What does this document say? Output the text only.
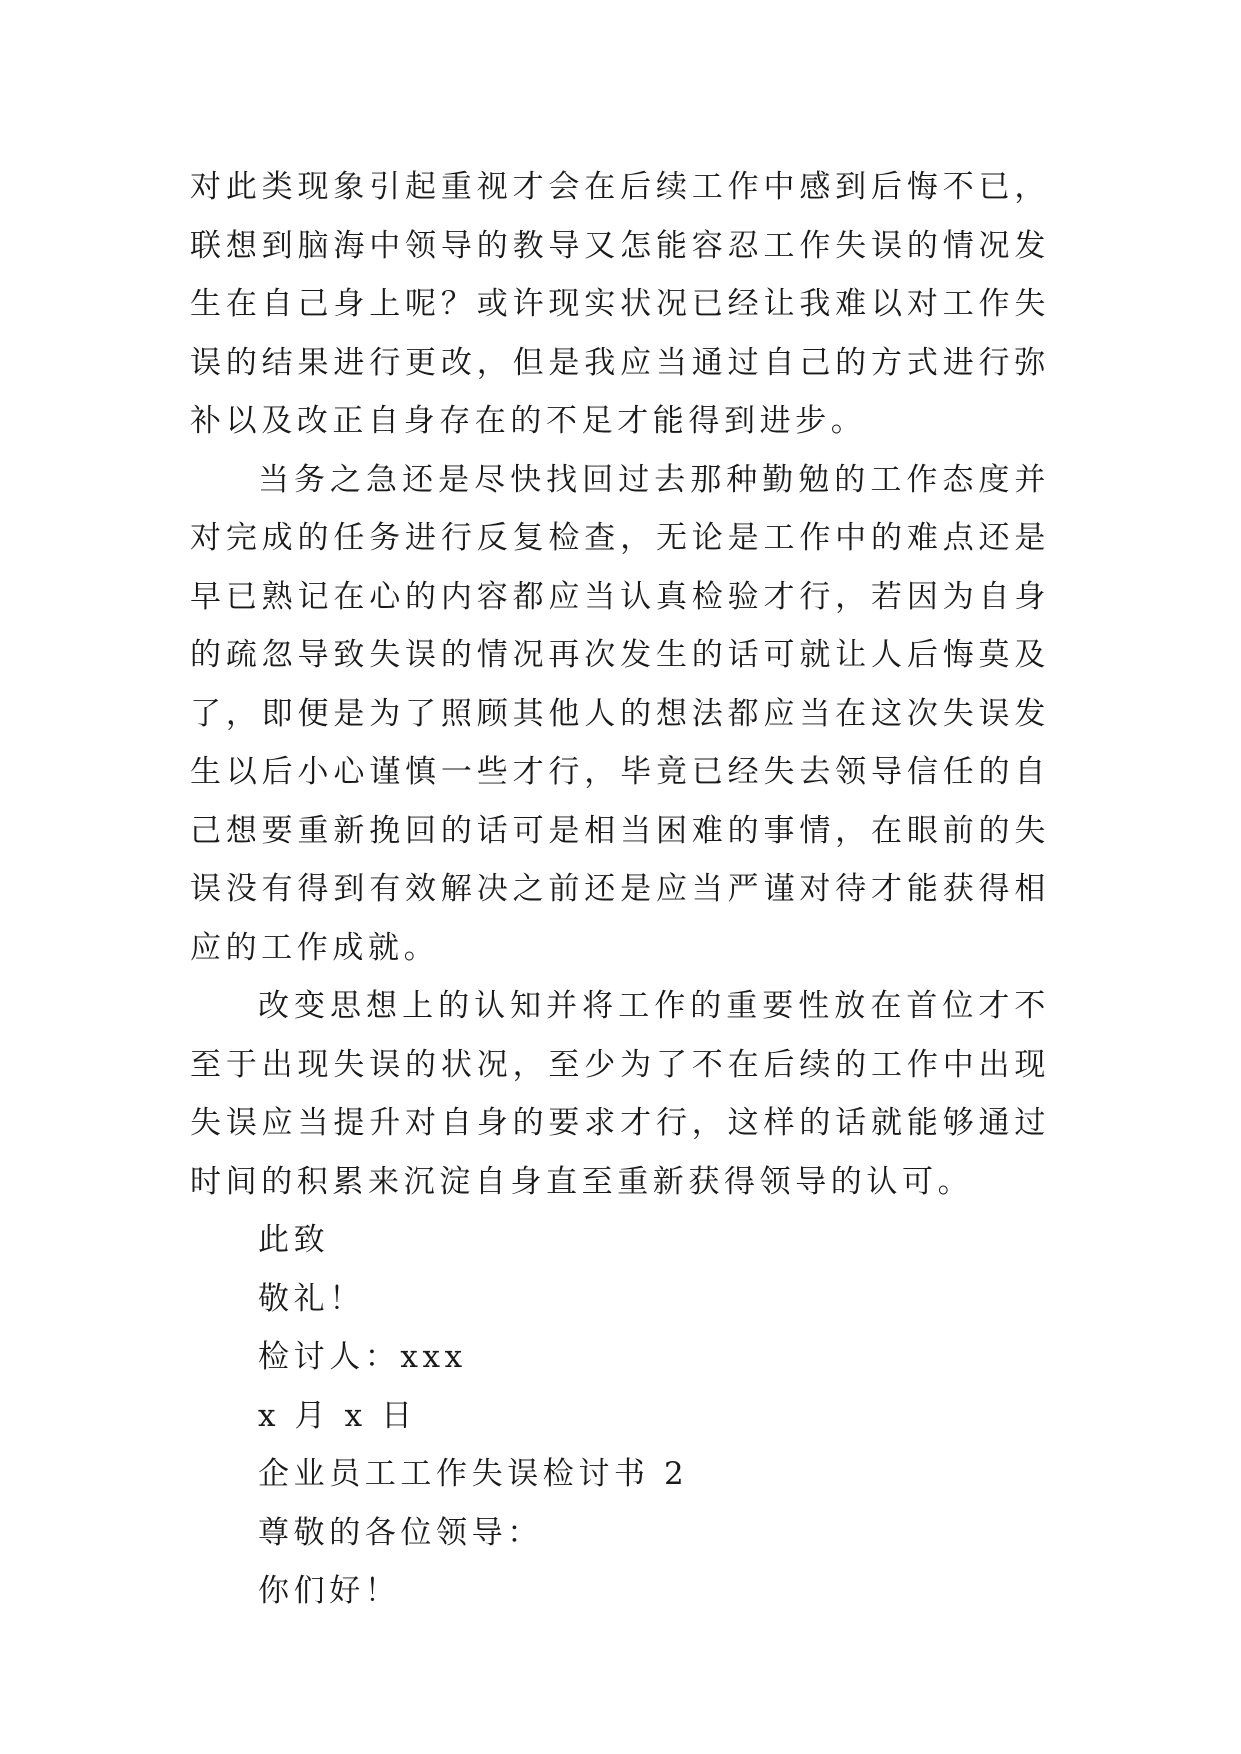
对此类现象引起重视才会在后续工作中感到后悔不已，联想到脑海中领导的教导又怎能容忍工作失误的情况发生在自己身上呢？或许现实状况已经让我难以对工作失误的结果进行更改，但是我应当通过自己的方式进行弥补以及改正自身存在的不足才能得到进步。

当务之急还是尽快找回过去那种勤勉的工作态度并对完成的任务进行反复检查，无论是工作中的难点还是早已熟记在心的内容都应当认真检验才行，若因为自身的疏忽导致失误的情况再次发生的话可就让人后悔莫及了，即便是为了照顾其他人的想法都应当在这次失误发生以后小心谨慎一些才行，毕竟已经失去领导信任的自己想要重新挽回的话可是相当困难的事情，在眼前的失误没有得到有效解决之前还是应当严谨对待才能获得相应的工作成就。

改变思想上的认知并将工作的重要性放在首位才不至于出现失误的状况，至少为了不在后续的工作中出现失误应当提升对自身的要求才行，这样的话就能够通过时间的积累来沉淀自身直至重新获得领导的认可。

此致

敬礼！

检讨人：xxx

x 月 x 日

企业员工工作失误检讨书 2

尊敬的各位领导：

你们好！
